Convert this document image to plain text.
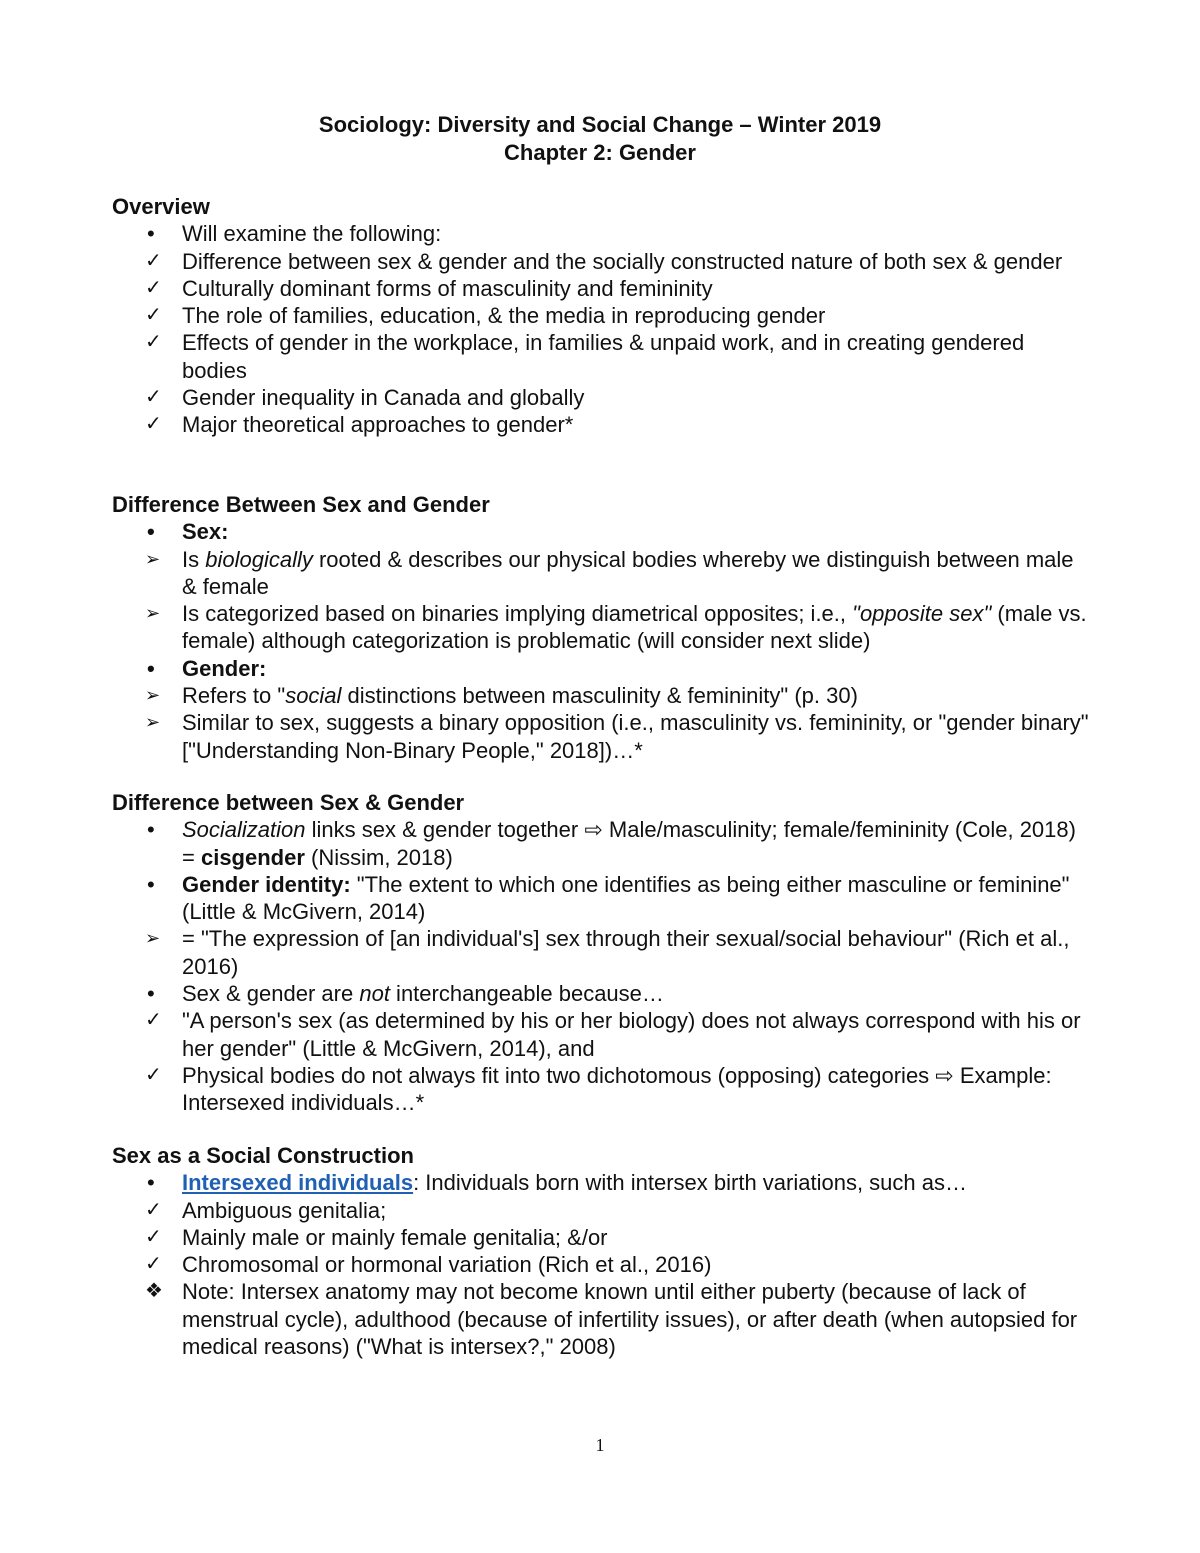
Sociology: Diversity and Social Change – Winter 2019
Chapter 2: Gender

Overview

•	Will examine the following:

✓ Difference between sex & gender and the socially constructed nature of both sex & gender

✓ Culturally dominant forms of masculinity and femininity

✓ The role of families, education, & the media in reproducing gender

✓ Effects of gender in the workplace, in families & unpaid work, and in creating gendered bodies

✓ Gender inequality in Canada and globally

✓ Major theoretical approaches to gender*

Difference Between Sex and Gender

•	Sex:

➢ Is biologically rooted & describes our physical bodies whereby we distinguish between male & female

➢ Is categorized based on binaries implying diametrical opposites; i.e., "opposite sex" (male vs. female) although categorization is problematic (will consider next slide)

•	Gender:

➢ Refers to "social distinctions between masculinity & femininity" (p. 30)

➢ Similar to sex, suggests a binary opposition (i.e., masculinity vs. femininity, or "gender binary" ["Understanding Non-Binary People," 2018])…*

Difference between Sex & Gender

•	Socialization links sex & gender together ⇨ Male/masculinity; female/femininity (Cole, 2018) = cisgender (Nissim, 2018)

•	Gender identity: "The extent to which one identifies as being either masculine or feminine" (Little & McGivern, 2014)

➢ = "The expression of [an individual's] sex through their sexual/social behaviour" (Rich et al., 2016)

•	Sex & gender are not interchangeable because…

✓ "A person's sex (as determined by his or her biology) does not always correspond with his or her gender" (Little & McGivern, 2014), and

✓ Physical bodies do not always fit into two dichotomous (opposing) categories ⇨ Example: Intersexed individuals…*

Sex as a Social Construction

•	Intersexed individuals: Individuals born with intersex birth variations, such as…

✓ Ambiguous genitalia;

✓ Mainly male or mainly female genitalia; &/or

✓ Chromosomal or hormonal variation (Rich et al., 2016)

❖ Note: Intersex anatomy may not become known until either puberty (because of lack of menstrual cycle), adulthood (because of infertility issues), or after death (when autopsied for medical reasons) ("What is intersex?," 2008)

1
